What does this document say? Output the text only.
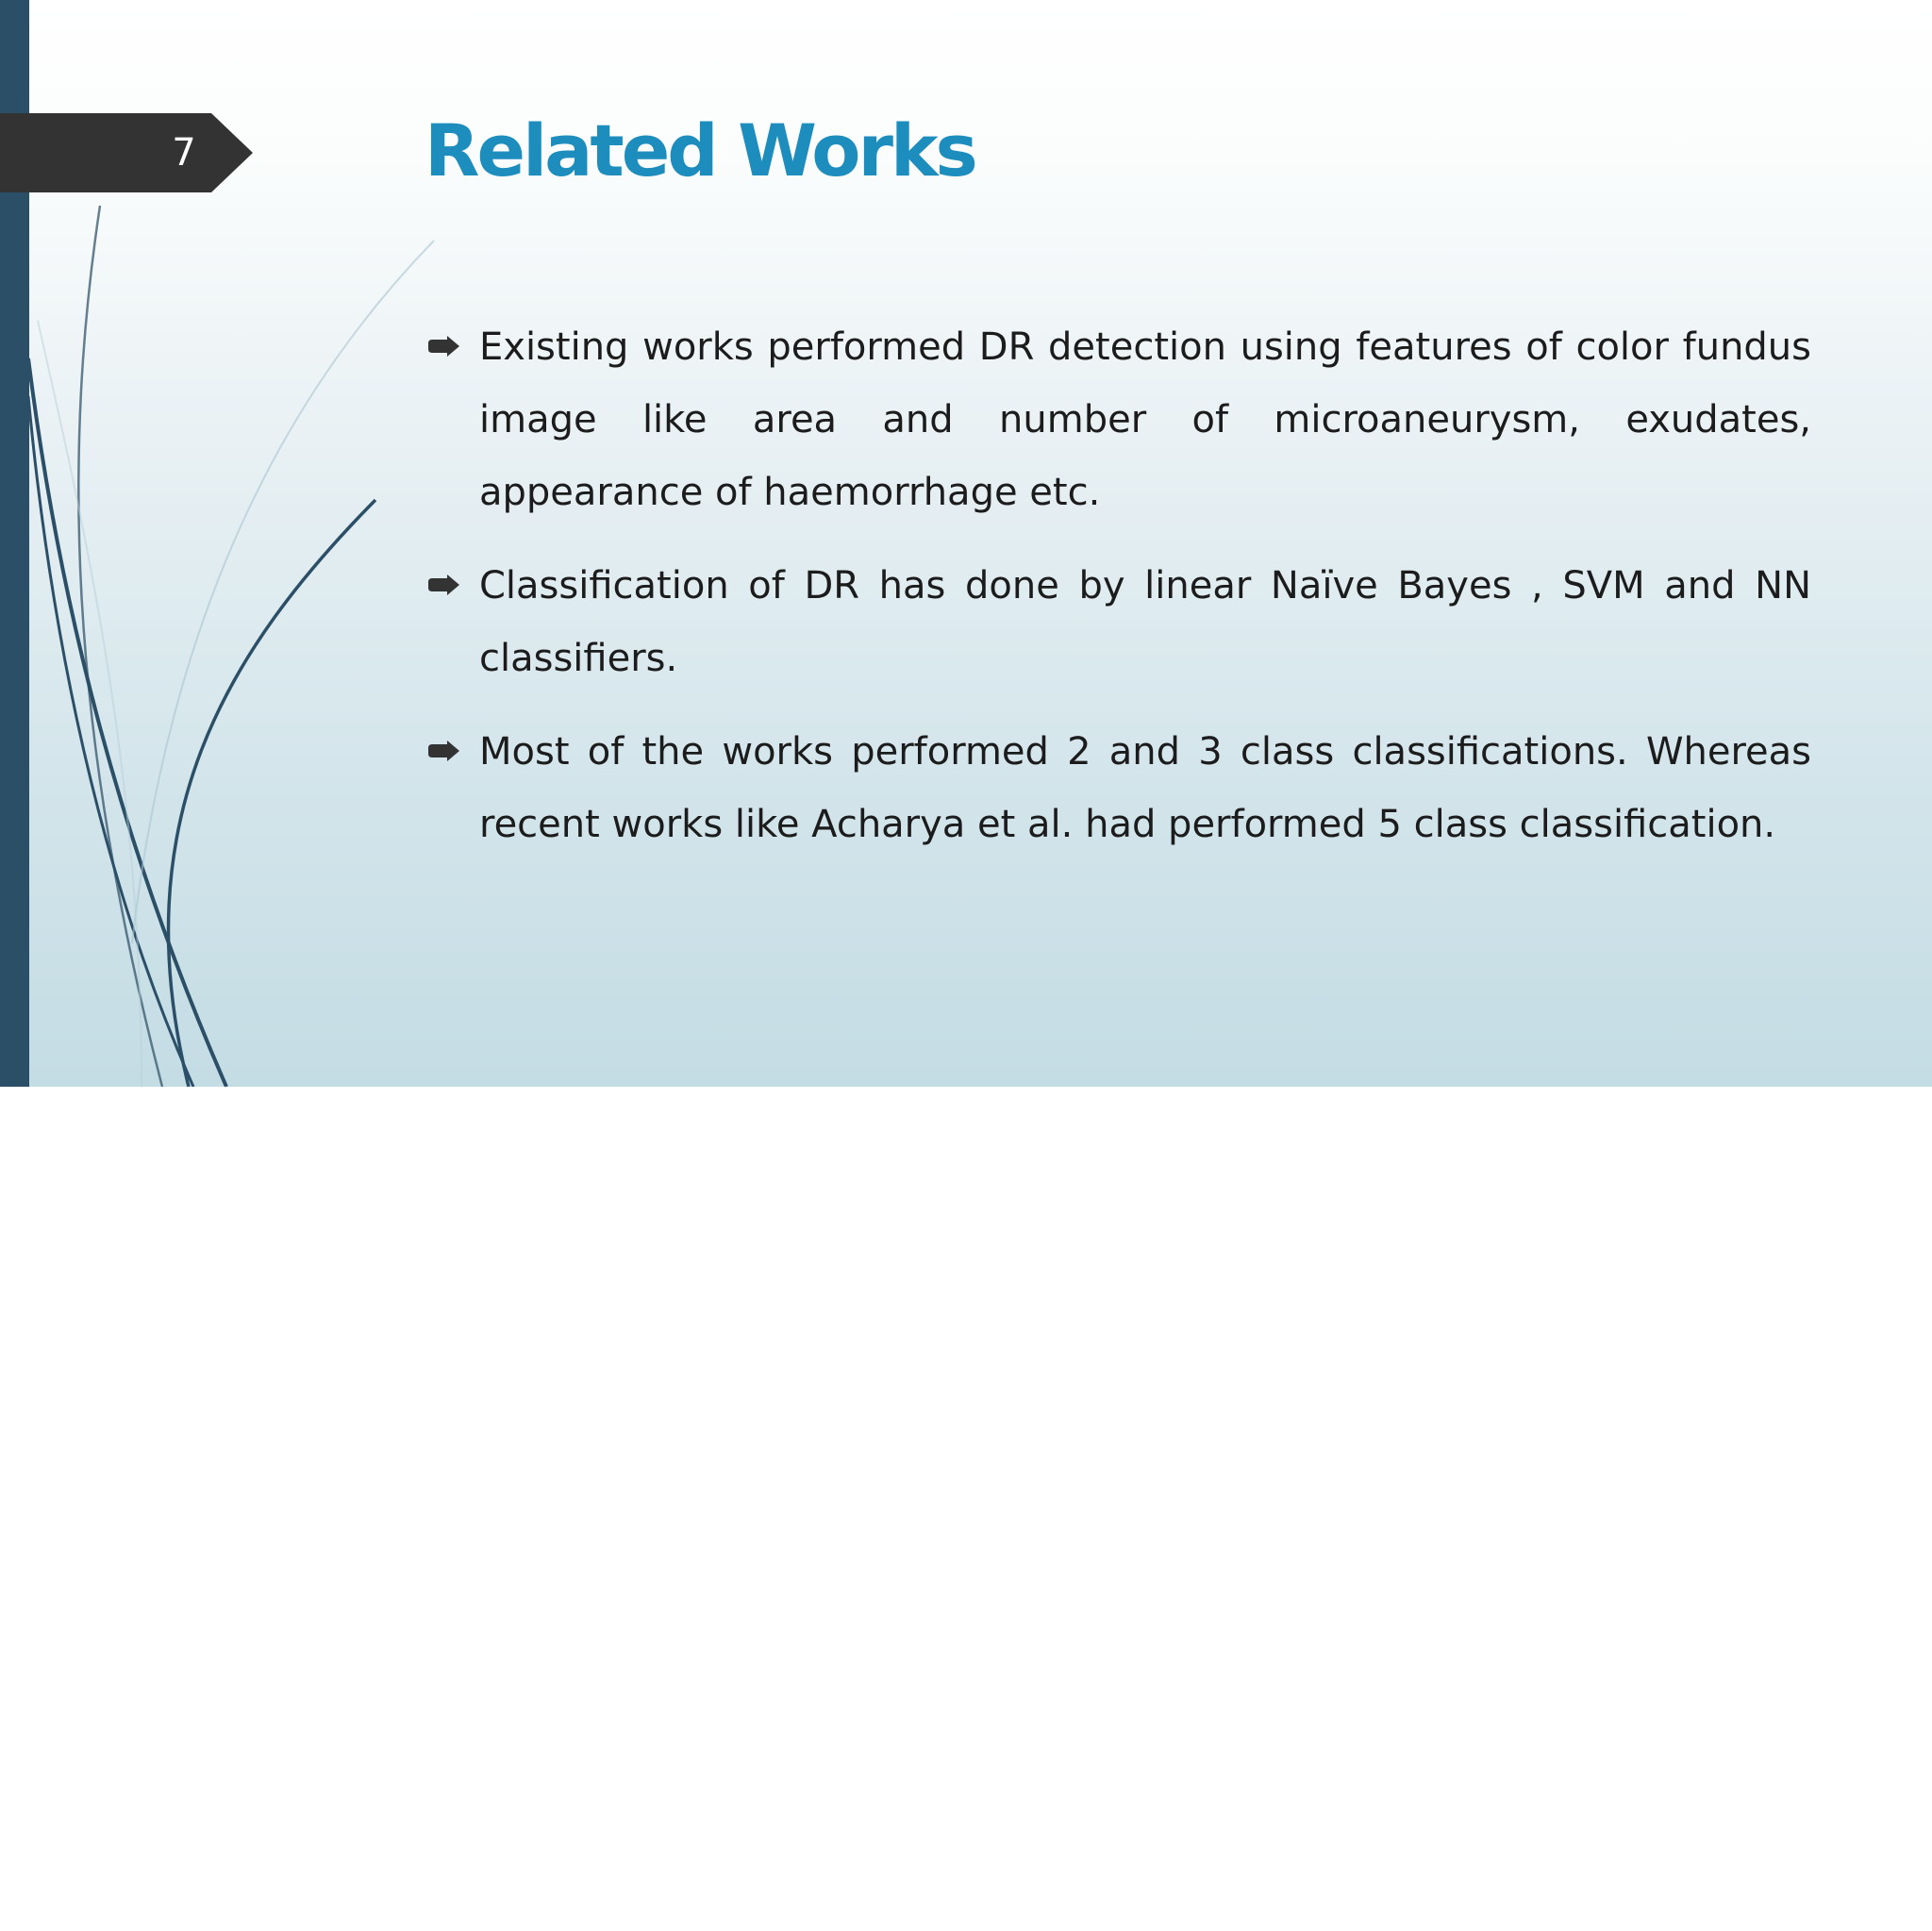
7	Related Works
Existing works performed DR detection using features of color fundus image like area and number of microaneurysm, exudates, appearance of haemorrhage etc.
Classification of DR has done by linear Naïve Bayes , SVM and NN classifiers.
Most of the works performed 2 and 3 class classifications. Whereas recent works like Acharya et al. had performed 5 class classification.
